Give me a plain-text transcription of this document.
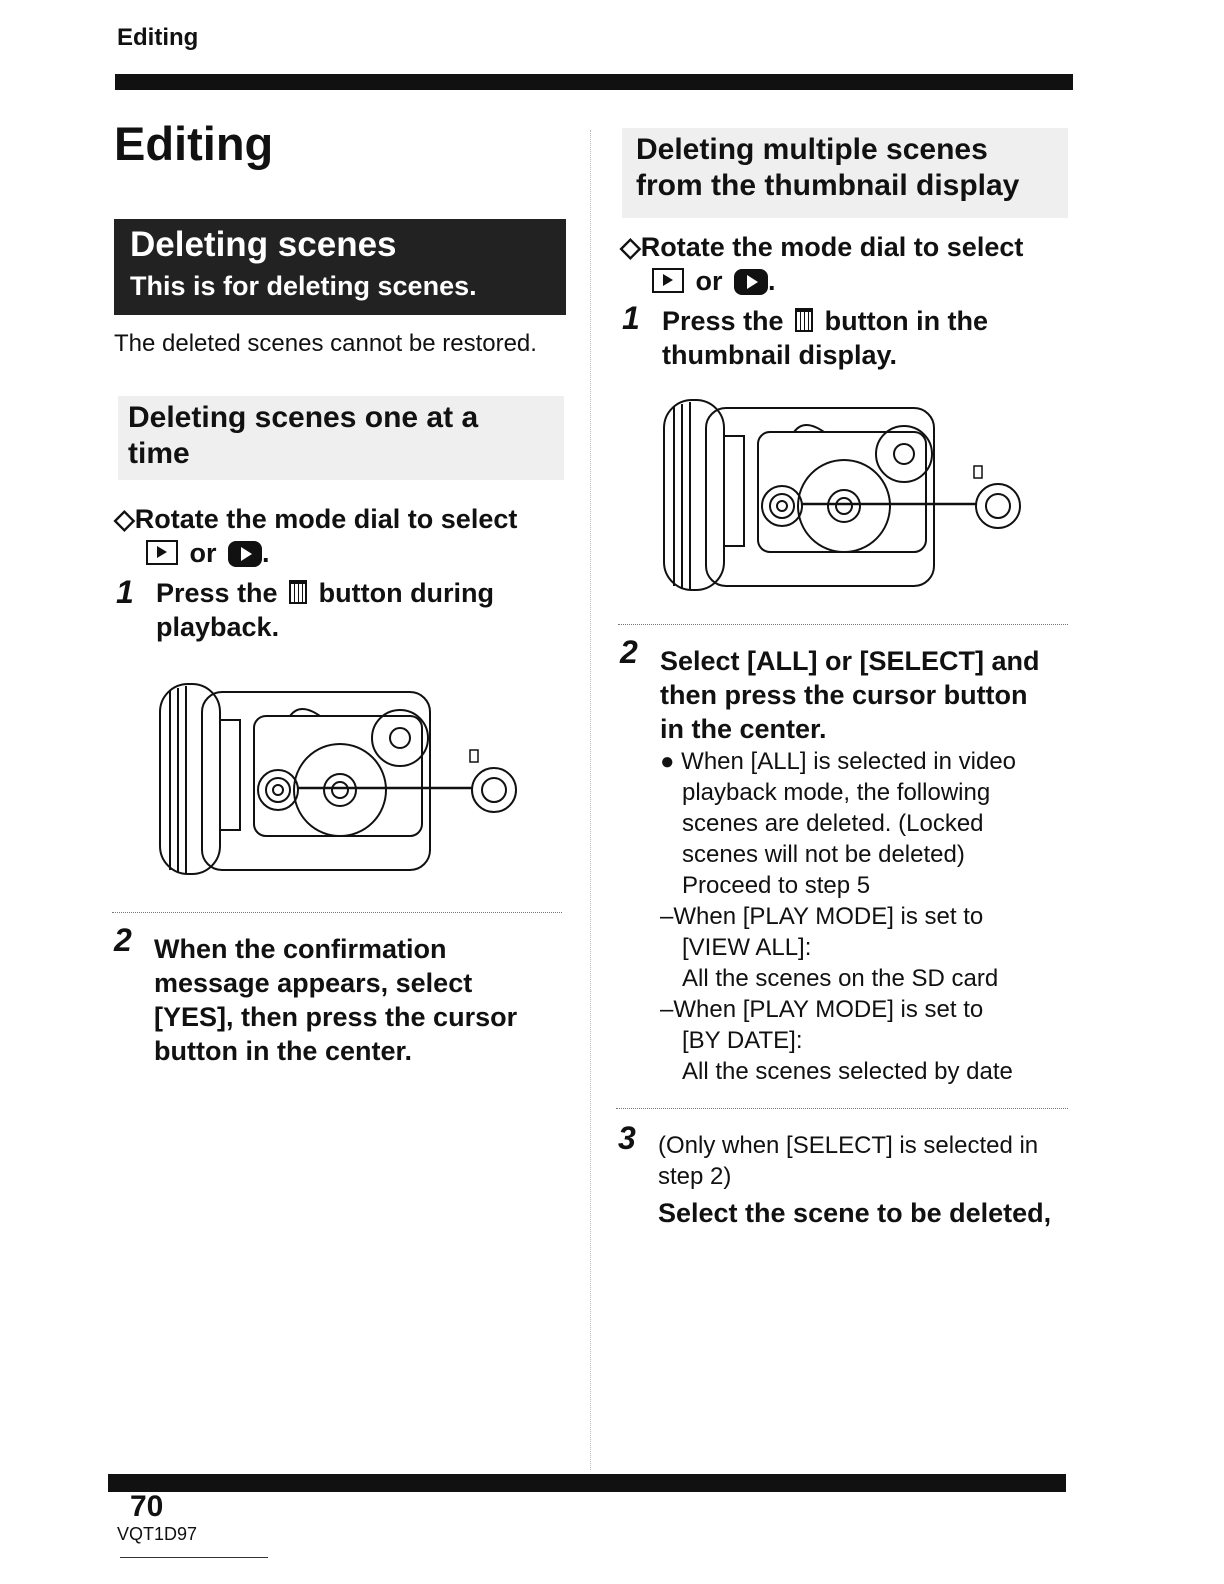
Editing
Editing
Deleting scenes
This is for deleting scenes.
The deleted scenes cannot be restored.
Deleting scenes one at a
time
◇Rotate the mode dial to select
or .
1 Press the button during
playback.
2 When the confirmation
message appears, select
[YES], then press the cursor
button in the center.
Deleting multiple scenes
from the thumbnail display
◇Rotate the mode dial to select
or .
1 Press the button in the
thumbnail display.
2 Select [ALL] or [SELECT] and
then press the cursor button
in the center.
● When [ALL] is selected in video
playback mode, the following
scenes are deleted. (Locked
scenes will not be deleted)
Proceed to step 5
–When [PLAY MODE] is set to
[VIEW ALL]:
All the scenes on the SD card
–When [PLAY MODE] is set to
[BY DATE]:
All the scenes selected by date
3 (Only when [SELECT] is selected in
step 2)
Select the scene to be deleted,
70
VQT1D97
